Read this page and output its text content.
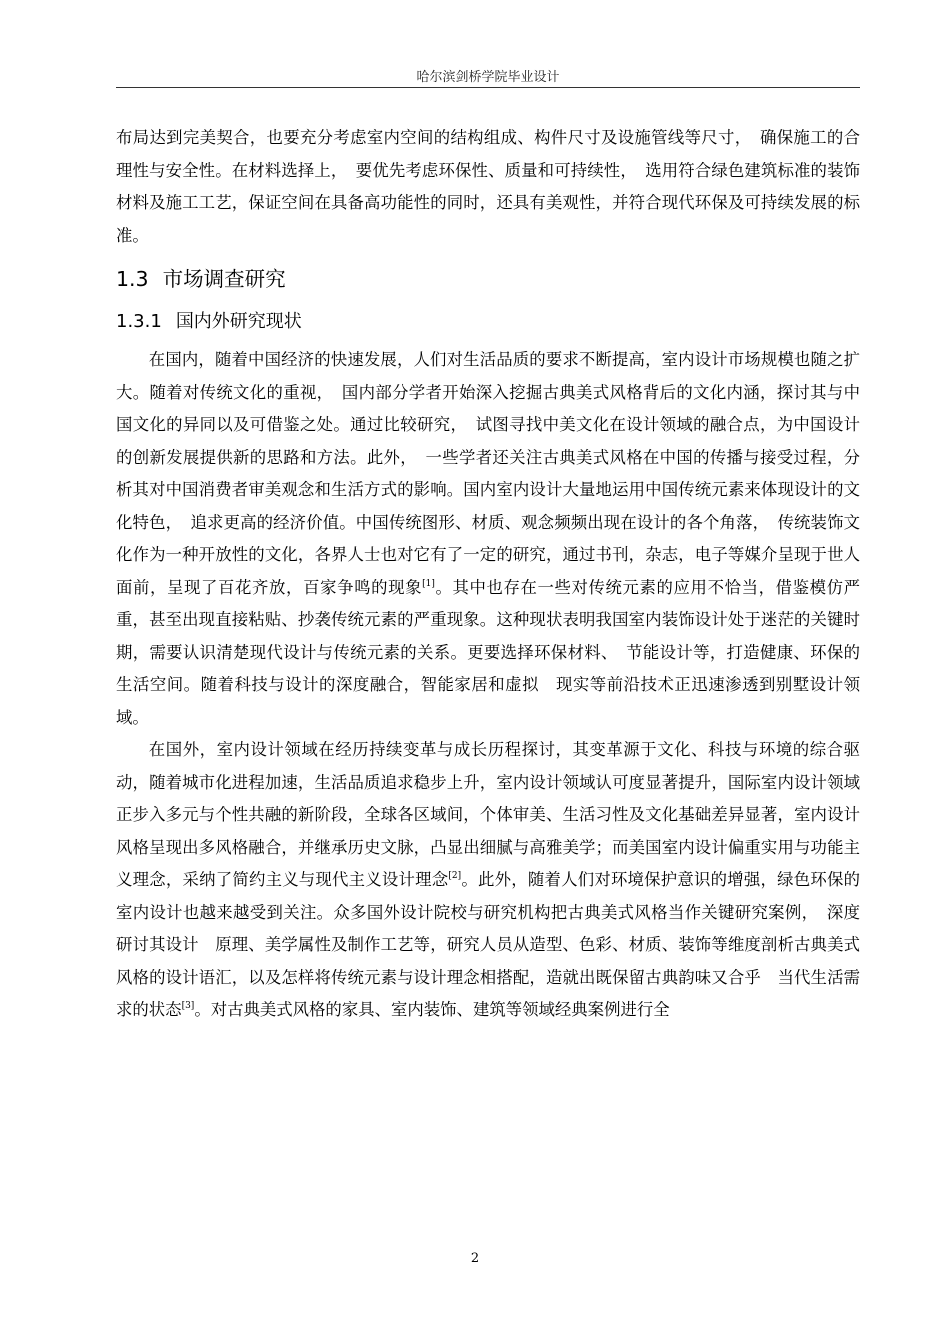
哈尔滨剑桥学院毕业设计

布局达到完美契合，也要充分考虑室内空间的结构组成、构件尺寸及设施管线等尺寸，　确保施工的合理性与安全性。在材料选择上，　要优先考虑环保性、质量和可持续性，　选用符合绿色建筑标准的装饰材料及施工工艺，保证空间在具备高功能性的同时，还具有美观性，并符合现代环保及可持续发展的标准。

1.3 市场调查研究
1.3.1 国内外研究现状

在国内，随着中国经济的快速发展，人们对生活品质的要求不断提高，室内设计市场规模也随之扩大。随着对传统文化的重视，　国内部分学者开始深入挖掘古典美式风格背后的文化内涵，探讨其与中国文化的异同以及可借鉴之处。通过比较研究，　试图寻找中美文化在设计领域的融合点，为中国设计的创新发展提供新的思路和方法。此外，　一些学者还关注古典美式风格在中国的传播与接受过程，分析其对中国消费者审美观念和生活方式的影响。国内室内设计大量地运用中国传统元素来体现设计的文化特色，　追求更高的经济价值。中国传统图形、材质、观念频频出现在设计的各个角落，　传统装饰文化作为一种开放性的文化，各界人士也对它有了一定的研究，通过书刊，杂志，电子等媒介呈现于世人面前，呈现了百花齐放，百家争鸣的现象[1]。其中也存在一些对传统元素的应用不恰当，借鉴模仿严重，甚至出现直接粘贴、抄袭传统元素的严重现象。这种现状表明我国室内装饰设计处于迷茫的关键时期，需要认识清楚现代设计与传统元素的关系。更要选择环保材料、　节能设计等，打造健康、环保的生活空间。随着科技与设计的深度融合，智能家居和虚拟　现实等前沿技术正迅速渗透到别墅设计领域。

在国外，室内设计领域在经历持续变革与成长历程探讨，其变革源于文化、科技与环境的综合驱动，随着城市化进程加速，生活品质追求稳步上升，室内设计领域认可度显著提升，国际室内设计领域正步入多元与个性共融的新阶段，全球各区域间，个体审美、生活习性及文化基础差异显著，室内设计风格呈现出多风格融合，并继承历史文脉，凸显出细腻与高雅美学；而美国室内设计偏重实用与功能主义理念，采纳了简约主义与现代主义设计理念[2]。此外，随着人们对环境保护意识的增强，绿色环保的室内设计也越来越受到关注。众多国外设计院校与研究机构把古典美式风格当作关键研究案例，　深度研讨其设计　原理、美学属性及制作工艺等，研究人员从造型、色彩、材质、装饰等维度剖析古典美式　风格的设计语汇，以及怎样将传统元素与设计理念相搭配，造就出既保留古典韵味又合乎　当代生活需求的状态[3]。对古典美式风格的家具、室内装饰、建筑等领域经典案例进行全

2
